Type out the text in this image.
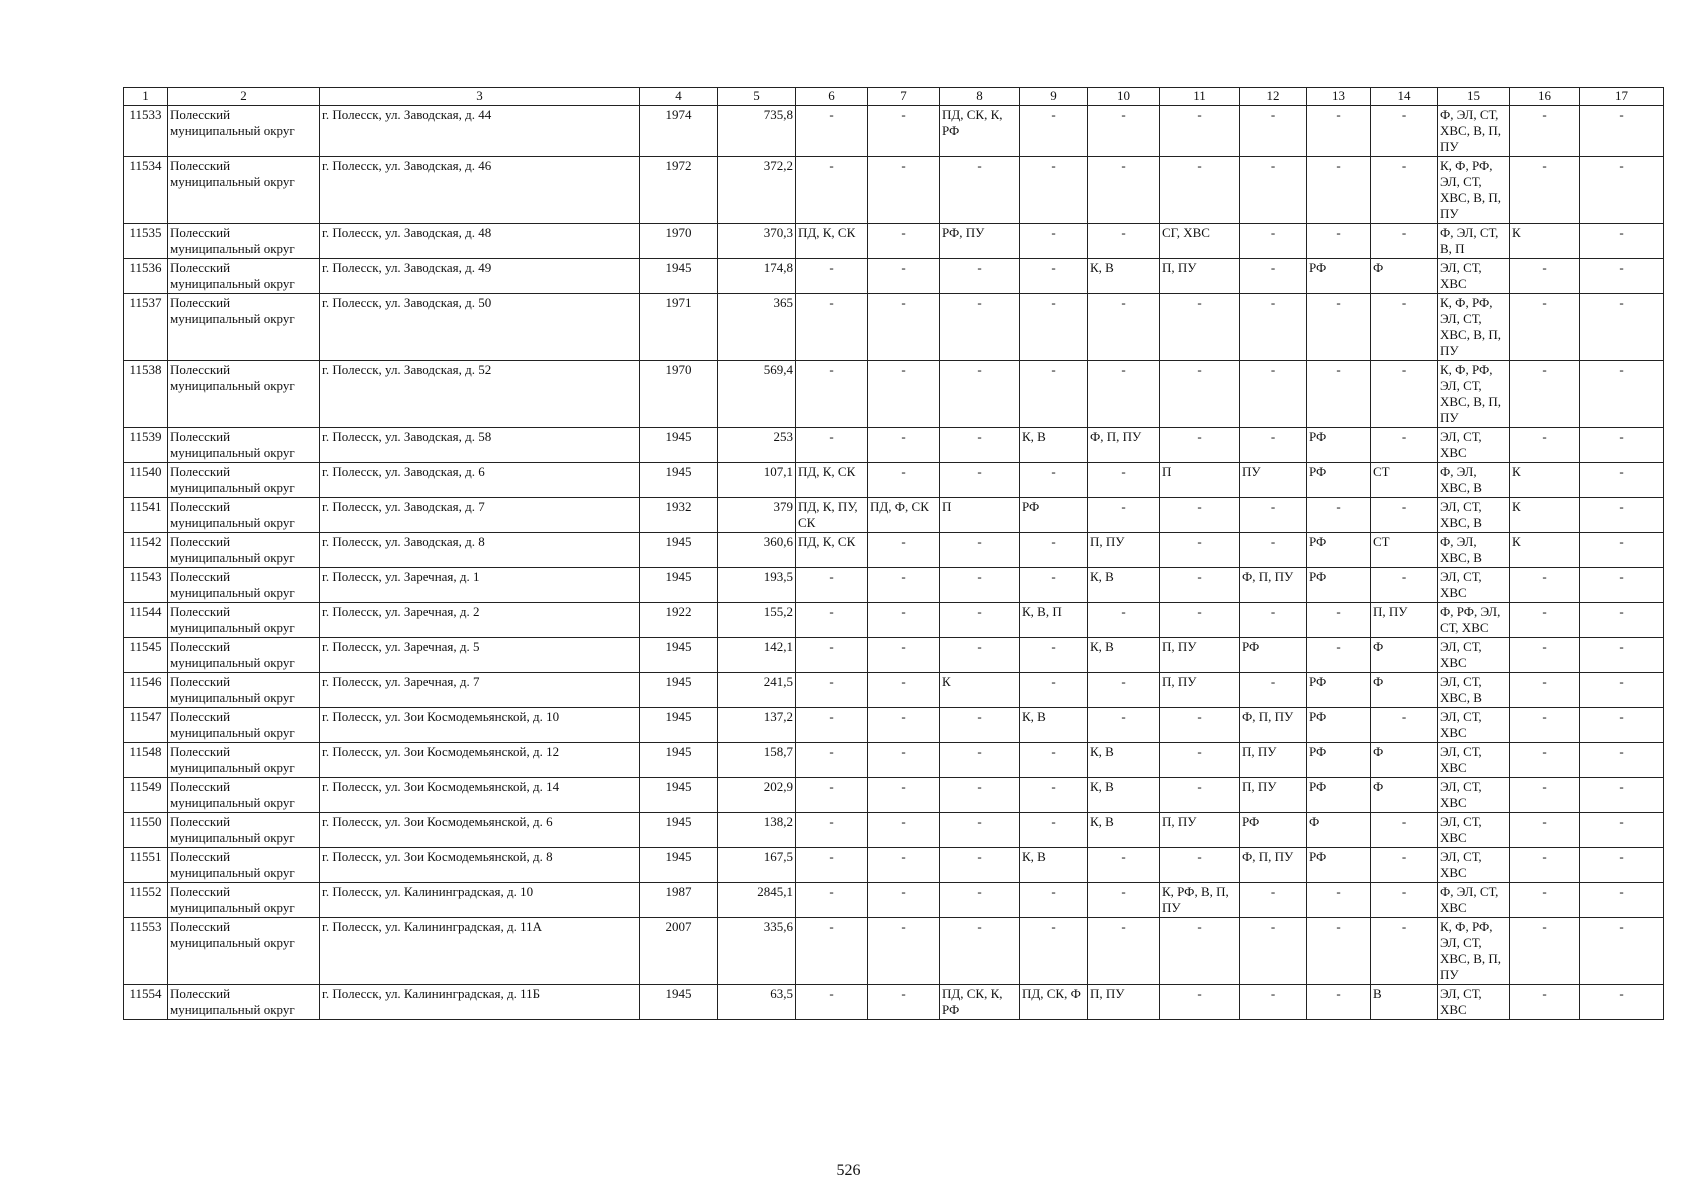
1	2	3	4	5	6	7	8	9	10	11	12	13	14	15	16	17
11533	Полесский муниципальный округ	г. Полесск, ул. Заводская, д. 44	1974	735,8	-	-	ПД, СК, К, РФ	-	-	-	-	-	-	Ф, ЭЛ, СТ, ХВС, В, П, ПУ	-	-
11534	Полесский муниципальный округ	г. Полесск, ул. Заводская, д. 46	1972	372,2	-	-	-	-	-	-	-	-	-	К, Ф, РФ, ЭЛ, СТ, ХВС, В, П, ПУ	-	-
11535	Полесский муниципальный округ	г. Полесск, ул. Заводская, д. 48	1970	370,3	ПД, К, СК	-	РФ, ПУ	-	-	СГ, ХВС	-	-	-	Ф, ЭЛ, СТ, В, П	К	-
11536	Полесский муниципальный округ	г. Полесск, ул. Заводская, д. 49	1945	174,8	-	-	-	-	К, В	П, ПУ	-	РФ	Ф	ЭЛ, СТ, ХВС	-	-
11537	Полесский муниципальный округ	г. Полесск, ул. Заводская, д. 50	1971	365	-	-	-	-	-	-	-	-	-	К, Ф, РФ, ЭЛ, СТ, ХВС, В, П, ПУ	-	-
11538	Полесский муниципальный округ	г. Полесск, ул. Заводская, д. 52	1970	569,4	-	-	-	-	-	-	-	-	-	К, Ф, РФ, ЭЛ, СТ, ХВС, В, П, ПУ	-	-
11539	Полесский муниципальный округ	г. Полесск, ул. Заводская, д. 58	1945	253	-	-	-	К, В	Ф, П, ПУ	-	-	РФ	-	ЭЛ, СТ, ХВС	-	-
11540	Полесский муниципальный округ	г. Полесск, ул. Заводская, д. 6	1945	107,1	ПД, К, СК	-	-	-	-	П	ПУ	РФ	СТ	Ф, ЭЛ, ХВС, В	К	-
11541	Полесский муниципальный округ	г. Полесск, ул. Заводская, д. 7	1932	379	ПД, К, ПУ, СК	ПД, Ф, СК	П	РФ	-	-	-	-	-	ЭЛ, СТ, ХВС, В	К	-
11542	Полесский муниципальный округ	г. Полесск, ул. Заводская, д. 8	1945	360,6	ПД, К, СК	-	-	-	П, ПУ	-	-	РФ	СТ	Ф, ЭЛ, ХВС, В	К	-
11543	Полесский муниципальный округ	г. Полесск, ул. Заречная, д. 1	1945	193,5	-	-	-	-	К, В	-	Ф, П, ПУ	РФ	-	ЭЛ, СТ, ХВС	-	-
11544	Полесский муниципальный округ	г. Полесск, ул. Заречная, д. 2	1922	155,2	-	-	-	К, В, П	-	-	-	-	П, ПУ	Ф, РФ, ЭЛ, СТ, ХВС	-	-
11545	Полесский муниципальный округ	г. Полесск, ул. Заречная, д. 5	1945	142,1	-	-	-	-	К, В	П, ПУ	РФ	-	Ф	ЭЛ, СТ, ХВС	-	-
11546	Полесский муниципальный округ	г. Полесск, ул. Заречная, д. 7	1945	241,5	-	-	К	-	-	П, ПУ	-	РФ	Ф	ЭЛ, СТ, ХВС, В	-	-
11547	Полесский муниципальный округ	г. Полесск, ул. Зои Космодемьянской, д. 10	1945	137,2	-	-	-	К, В	-	-	Ф, П, ПУ	РФ	-	ЭЛ, СТ, ХВС	-	-
11548	Полесский муниципальный округ	г. Полесск, ул. Зои Космодемьянской, д. 12	1945	158,7	-	-	-	-	К, В	-	П, ПУ	РФ	Ф	ЭЛ, СТ, ХВС	-	-
11549	Полесский муниципальный округ	г. Полесск, ул. Зои Космодемьянской, д. 14	1945	202,9	-	-	-	-	К, В	-	П, ПУ	РФ	Ф	ЭЛ, СТ, ХВС	-	-
11550	Полесский муниципальный округ	г. Полесск, ул. Зои Космодемьянской, д. 6	1945	138,2	-	-	-	-	К, В	П, ПУ	РФ	Ф	-	ЭЛ, СТ, ХВС	-	-
11551	Полесский муниципальный округ	г. Полесск, ул. Зои Космодемьянской, д. 8	1945	167,5	-	-	-	К, В	-	-	Ф, П, ПУ	РФ	-	ЭЛ, СТ, ХВС	-	-
11552	Полесский муниципальный округ	г. Полесск, ул. Калининградская, д. 10	1987	2845,1	-	-	-	-	-	К, РФ, В, П, ПУ	-	-	-	Ф, ЭЛ, СТ, ХВС	-	-
11553	Полесский муниципальный округ	г. Полесск, ул. Калининградская, д. 11А	2007	335,6	-	-	-	-	-	-	-	-	-	К, Ф, РФ, ЭЛ, СТ, ХВС, В, П, ПУ	-	-
11554	Полесский муниципальный округ	г. Полесск, ул. Калининградская, д. 11Б	1945	63,5	-	-	ПД, СК, К, РФ	ПД, СК, Ф	П, ПУ	-	-	-	В	ЭЛ, СТ, ХВС	-	-
526
